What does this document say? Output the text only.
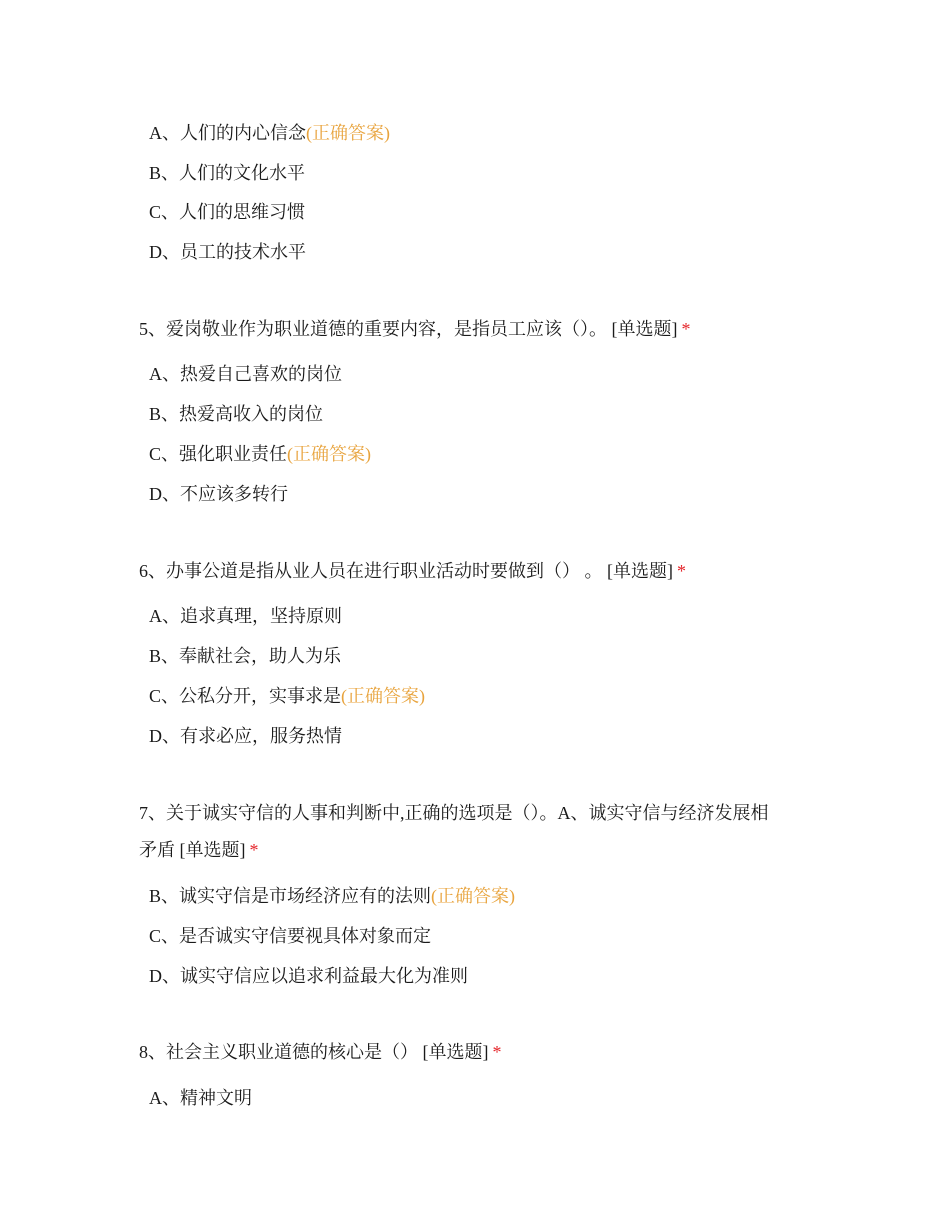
A、人们的内心信念(正确答案)
B、人们的文化水平
C、人们的思维习惯
D、员工的技术水平
5、爱岗敬业作为职业道德的重要内容，是指员工应该（）。 [单选题] *
A、热爱自己喜欢的岗位
B、热爱高收入的岗位
C、强化职业责任(正确答案)
D、不应该多转行
6、办事公道是指从业人员在进行职业活动时要做到（） 。 [单选题] *
A、追求真理，坚持原则
B、奉献社会，助人为乐
C、公私分开，实事求是(正确答案)
D、有求必应，服务热情
7、关于诚实守信的人事和判断中,正确的选项是（）。A、诚实守信与经济发展相
矛盾 [单选题] *
B、诚实守信是市场经济应有的法则(正确答案)
C、是否诚实守信要视具体对象而定
D、诚实守信应以追求利益最大化为准则
8、社会主义职业道德的核心是（） [单选题] *
A、精神文明
